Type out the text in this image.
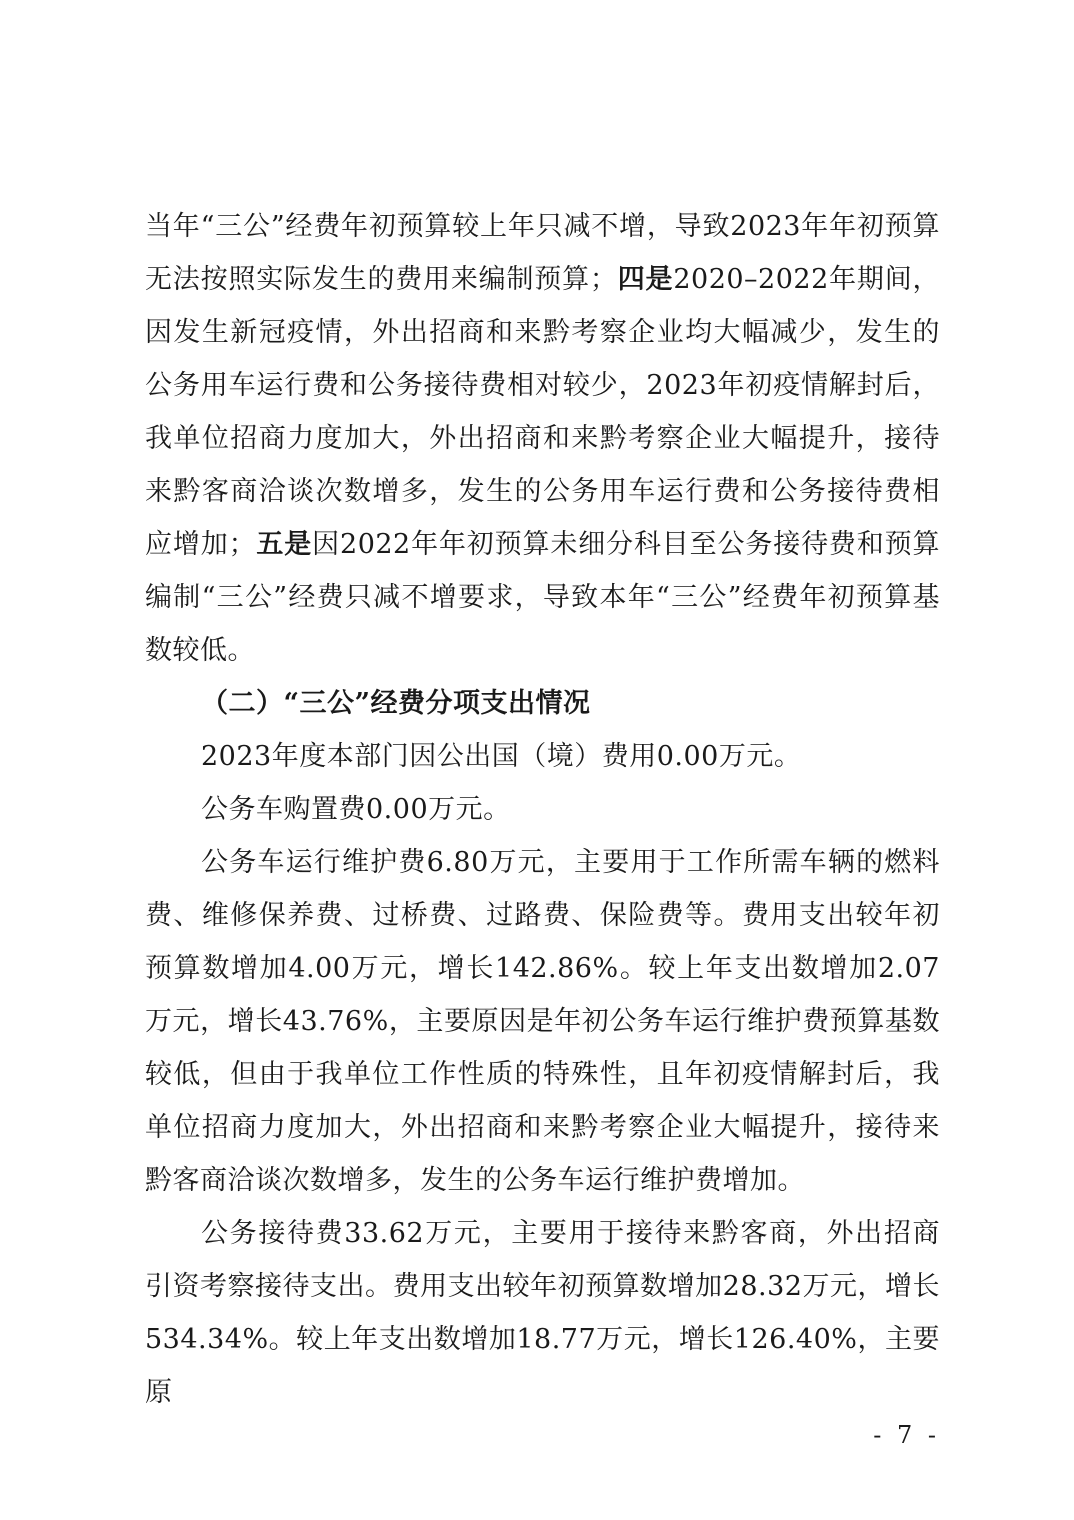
当年“三公”经费年初预算较上年只减不增，导致2023年年初预算无法按照实际发生的费用来编制预算；四是2020–2022年期间，因发生新冠疫情，外出招商和来黔考察企业均大幅减少，发生的公务用车运行费和公务接待费相对较少，2023年初疫情解封后，我单位招商力度加大，外出招商和来黔考察企业大幅提升，接待来黔客商洽谈次数增多，发生的公务用车运行费和公务接待费相应增加；五是因2022年年初预算未细分科目至公务接待费和预算编制“三公”经费只减不增要求，导致本年“三公”经费年初预算基数较低。

（二）“三公”经费分项支出情况

2023年度本部门因公出国（境）费用0.00万元。

公务车购置费0.00万元。

公务车运行维护费6.80万元，主要用于工作所需车辆的燃料费、维修保养费、过桥费、过路费、保险费等。费用支出较年初预算数增加4.00万元，增长142.86%。较上年支出数增加2.07万元，增长43.76%，主要原因是年初公务车运行维护费预算基数较低，但由于我单位工作性质的特殊性，且年初疫情解封后，我单位招商力度加大，外出招商和来黔考察企业大幅提升，接待来黔客商洽谈次数增多，发生的公务车运行维护费增加。

公务接待费33.62万元，主要用于接待来黔客商，外出招商引资考察接待支出。费用支出较年初预算数增加28.32万元，增长534.34%。较上年支出数增加18.77万元，增长126.40%，主要原

- 7 -
